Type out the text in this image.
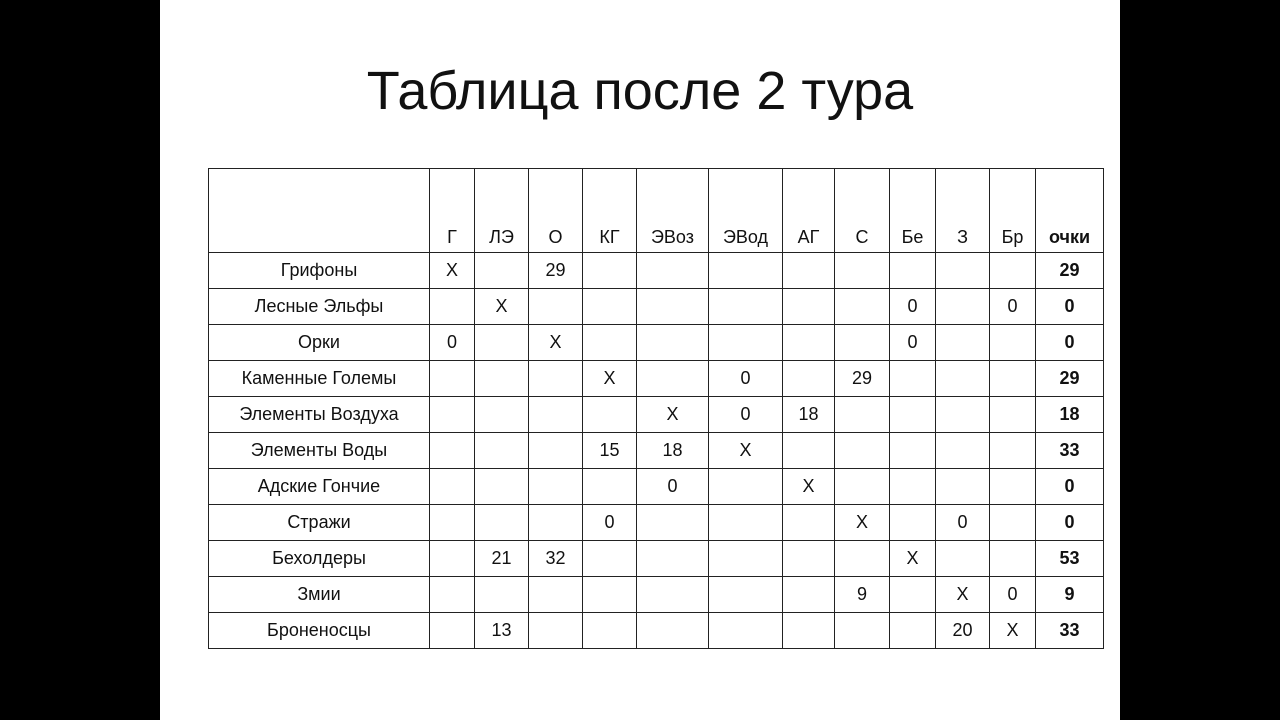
Таблица после 2 тура
	Г	ЛЭ	О	КГ	ЭВоз	ЭВод	АГ	С	Бе	З	Бр	очки
Грифоны	X		29									29
Лесные Эльфы		X							0		0	0
Орки	0		X						0			0
Каменные Големы				X		0		29				29
Элементы Воздуха					X	0	18					18
Элементы Воды				15	18	X						33
Адские Гончие					0		X					0
Стражи				0				X		0		0
Бехолдеры		21	32						X			53
Змии								9		X	0	9
Броненосцы		13								20	X	33
